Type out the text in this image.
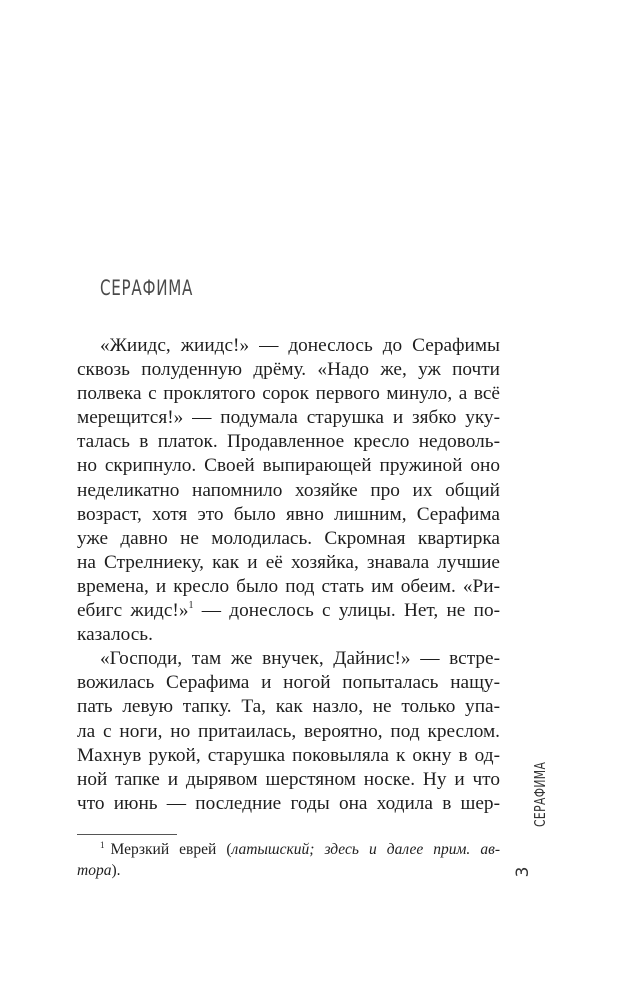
СЕРАФИМА
«Жиидс, жиидс!» — донеслось до Серафимы
сквозь полуденную дрёму. «Надо же, уж почти
полвека с проклятого сорок первого минуло, а всё
мерещится!» — подумала старушка и зябко уку-
талась в платок. Продавленное кресло недоволь-
но скрипнуло. Своей выпирающей пружиной оно
неделикатно напомнило хозяйке про их общий
возраст, хотя это было явно лишним, Серафима
уже давно не молодилась. Скромная квартирка
на Стрелниеку, как и её хозяйка, знавала лучшие
времена, и кресло было под стать им обеим. «Ри-
ебигс жидс!»$^1$ — донеслось с улицы. Нет, не по-
казалось.
«Господи, там же внучек, Дайнис!» — встре-
вожилась Серафима и ногой попыталась нащу-
пать левую тапку. Та, как назло, не только упа-
ла с ноги, но притаилась, вероятно, под креслом.
Махнув рукой, старушка поковыляла к окну в од-
ной тапке и дырявом шерстяном носке. Ну и что
что июнь — последние годы она ходила в шер-
$^1$ Мерзкий еврей (латышский; здесь и далее прим. ав-
тора).
СЕРАФИМА
3
